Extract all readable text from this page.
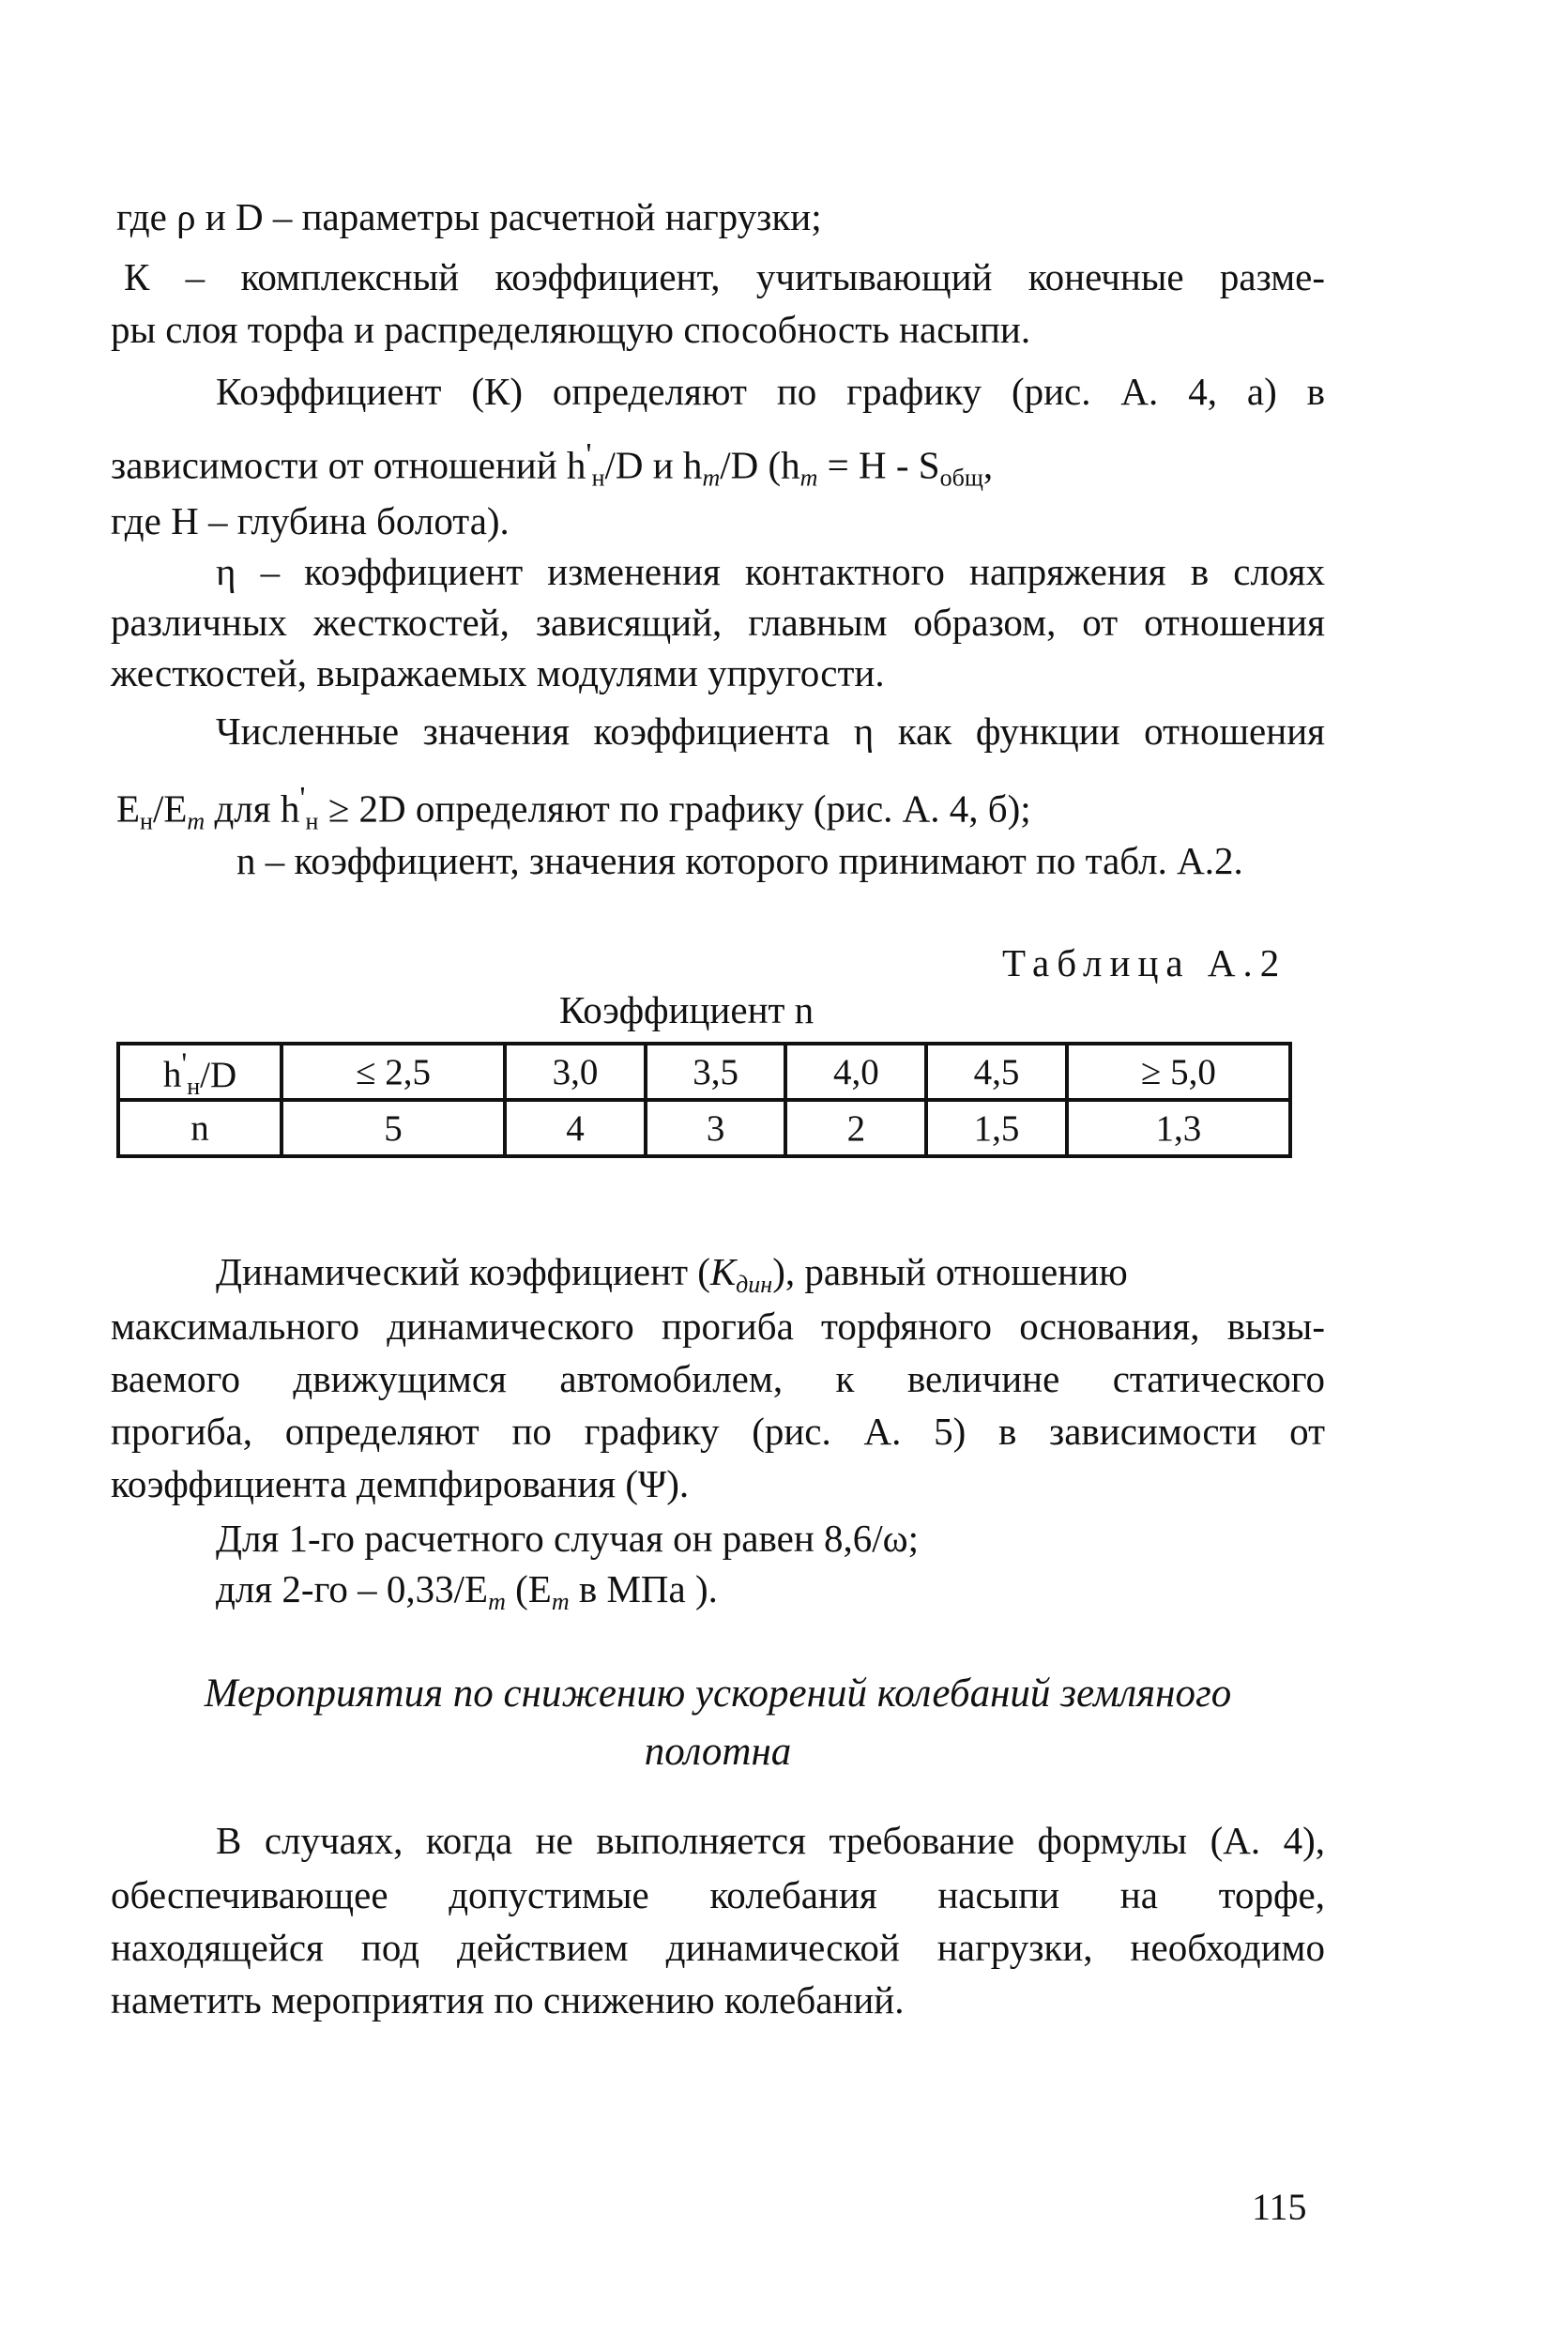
где ρ и D – параметры расчетной нагрузки;
К – комплексный коэффициент, учитывающий конечные разме-
ры слоя торфа и распределяющую способность насыпи.
Коэффициент (К) определяют по графику (рис. А. 4, а) в
зависимости от отношений $h'_н/D$ и $h_т/D$ ($h_т = Н - S_{общ}$,
где Н – глубина болота).
η – коэффициент изменения контактного напряжения в слоях
различных жесткостей, зависящий, главным образом, от отношения
жесткостей, выражаемых модулями упругости.
Численные значения коэффициента η как функции отношения
$Е_н/Е_т$ для $h'_н \ge 2D$ определяют по графику (рис. А. 4, б);
n – коэффициент, значения которого принимают по табл. А.2.
Таблица А.2
Коэффициент n
$h'_н/D$	≤ 2,5	3,0	3,5	4,0	4,5	≥ 5,0
n	5	4	3	2	1,5	1,3
Динамический коэффициент $(К_{дин})$, равный отношению
максимального динамического прогиба торфяного основания, вызы-
ваемого движущимся автомобилем, к величине статического
прогиба, определяют по графику (рис. А. 5) в зависимости от
коэффициента демпфирования (Ψ).
Для 1-го расчетного случая он равен 8,6/ω;
для $2-го - 0,33/Е_т$ ($Е_т$ в МПа ).
Мероприятия по снижению ускорений колебаний земляного
полотна
В случаях, когда не выполняется требование формулы (А. 4),
обеспечивающее допустимые колебания насыпи на торфе,
находящейся под действием динамической нагрузки, необходимо
наметить мероприятия по снижению колебаний.
115
